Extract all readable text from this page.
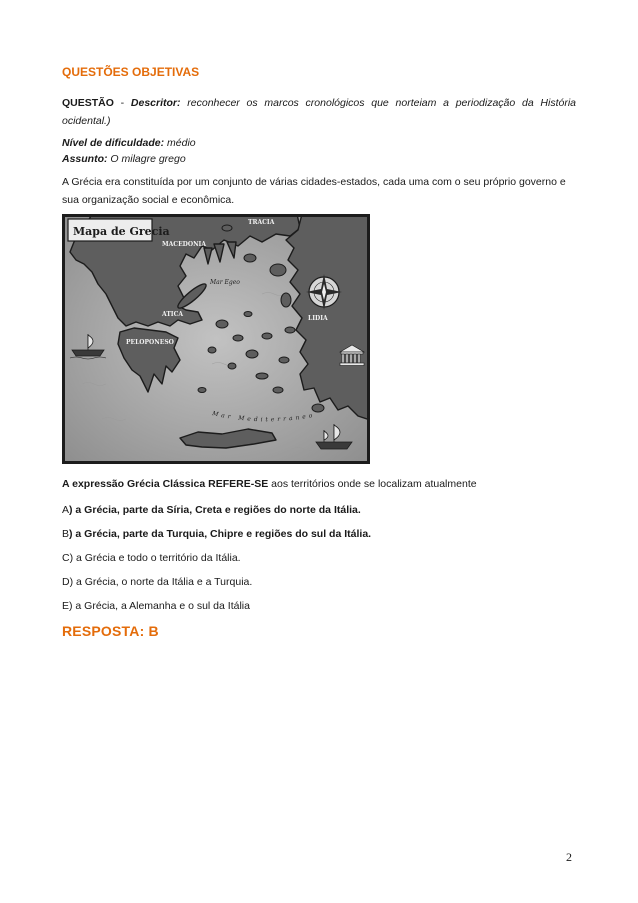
QUESTÕES OBJETIVAS
QUESTÃO - Descritor: reconhecer os marcos cronológicos que norteiam a periodização da História ocidental.)
Nível de dificuldade: médio
Assunto: O milagre grego
A Grécia era constituída por um conjunto de várias cidades-estados, cada uma com o seu próprio governo e sua organização social e econômica.
Mapa de Grecia
TRACIA
MACEDONIA
Mar Egeo
ATICA
PELOPONESO
LIDIA
Mar Mediterraneo
A expressão Grécia Clássica REFERE-SE aos territórios onde se localizam atualmente
A) a Grécia, parte da Síria, Creta e regiões do norte da Itália.
B) a Grécia, parte da Turquia, Chipre e regiões do sul da Itália.
C) a Grécia e todo o território da Itália.
D) a Grécia, o norte da Itália e a Turquia.
E) a Grécia, a Alemanha e o sul da Itália
RESPOSTA: B
2
